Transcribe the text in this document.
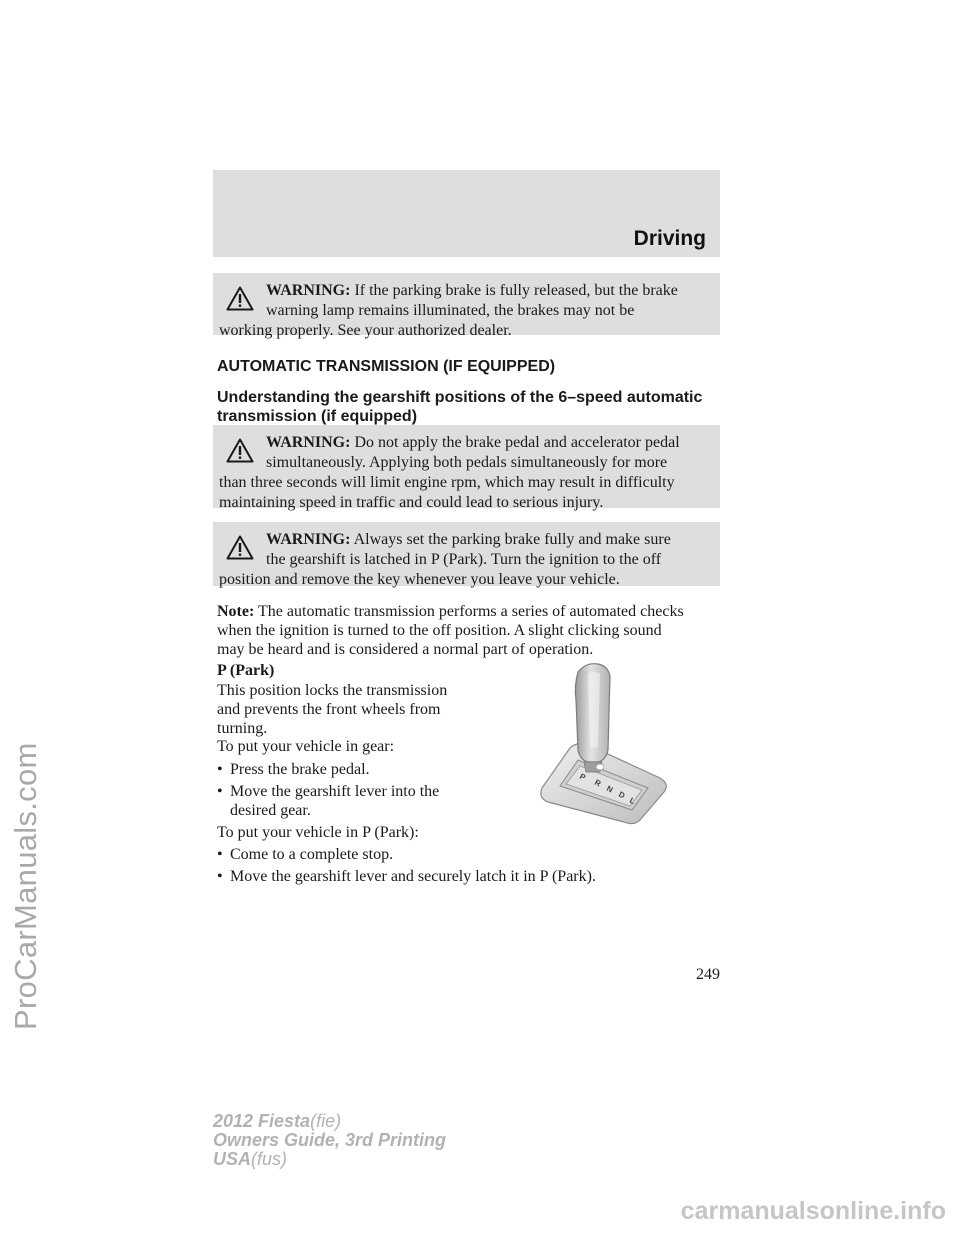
ProCarManuals.com
Driving
WARNING: If the parking brake is fully released, but the brake
warning lamp remains illuminated, the brakes may not be
working properly. See your authorized dealer.
AUTOMATIC TRANSMISSION (IF EQUIPPED)
Understanding the gearshift positions of the 6–speed automatic
transmission (if equipped)
WARNING: Do not apply the brake pedal and accelerator pedal
simultaneously. Applying both pedals simultaneously for more
than three seconds will limit engine rpm, which may result in difficulty
maintaining speed in traffic and could lead to serious injury.
WARNING: Always set the parking brake fully and make sure
the gearshift is latched in P (Park). Turn the ignition to the off
position and remove the key whenever you leave your vehicle.
Note: The automatic transmission performs a series of automated checks
when the ignition is turned to the off position. A slight clicking sound
may be heard and is considered a normal part of operation.
P (Park)
This position locks the transmission
and prevents the front wheels from
turning.
To put your vehicle in gear:
• Press the brake pedal.
• Move the gearshift lever into the
desired gear.
To put your vehicle in P (Park):
• Come to a complete stop.
• Move the gearshift lever and securely latch it in P (Park).
P
R
N
D
L
249
2012 Fiesta(fie)
Owners Guide, 3rd Printing
USA(fus)
carmanualsonline.info
